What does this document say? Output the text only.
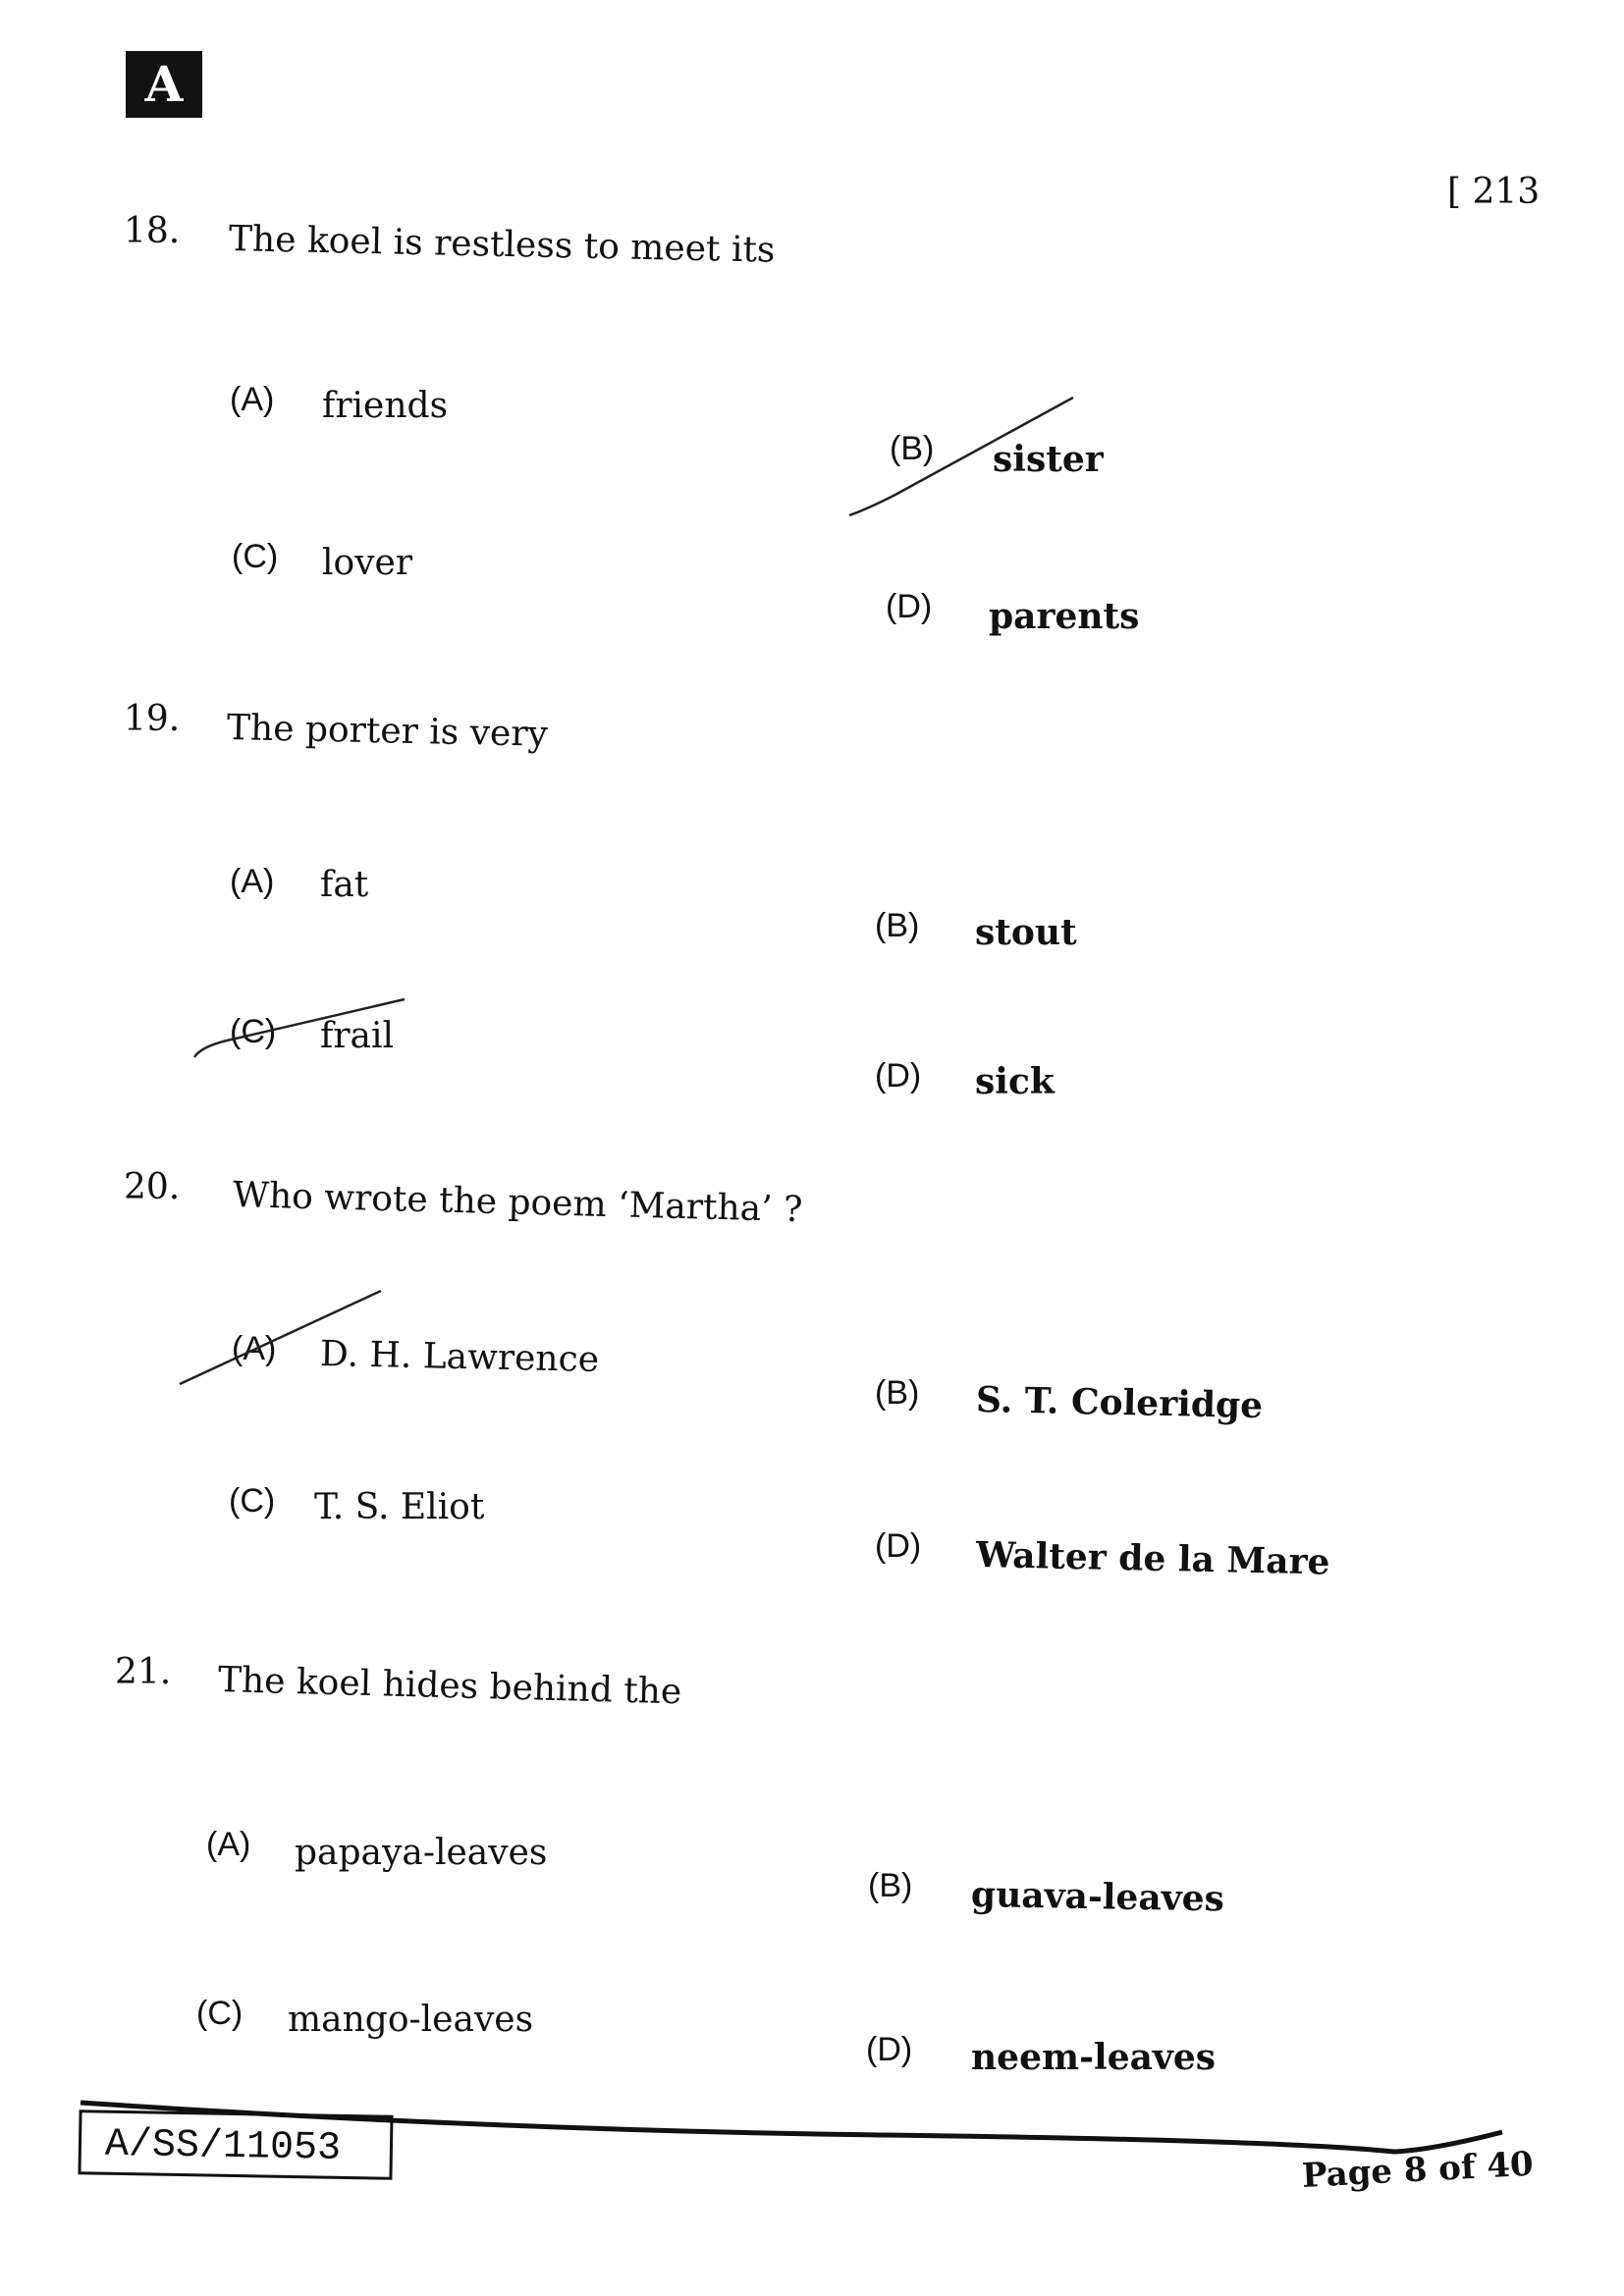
A
[ 213
18. The koel is restless to meet its
(A) friends
(B) sister
(C) lover
(D) parents
19. The porter is very
(A) fat
(B) stout
(C) frail
(D) sick
20. Who wrote the poem ‘Martha’ ?
(A) D. H. Lawrence
(B) S. T. Coleridge
(C) T. S. Eliot
(D) Walter de la Mare
21. The koel hides behind the
(A) papaya-leaves
(B) guava-leaves
(C) mango-leaves
(D) neem-leaves
A/SS/11053	Page 8 of 40
